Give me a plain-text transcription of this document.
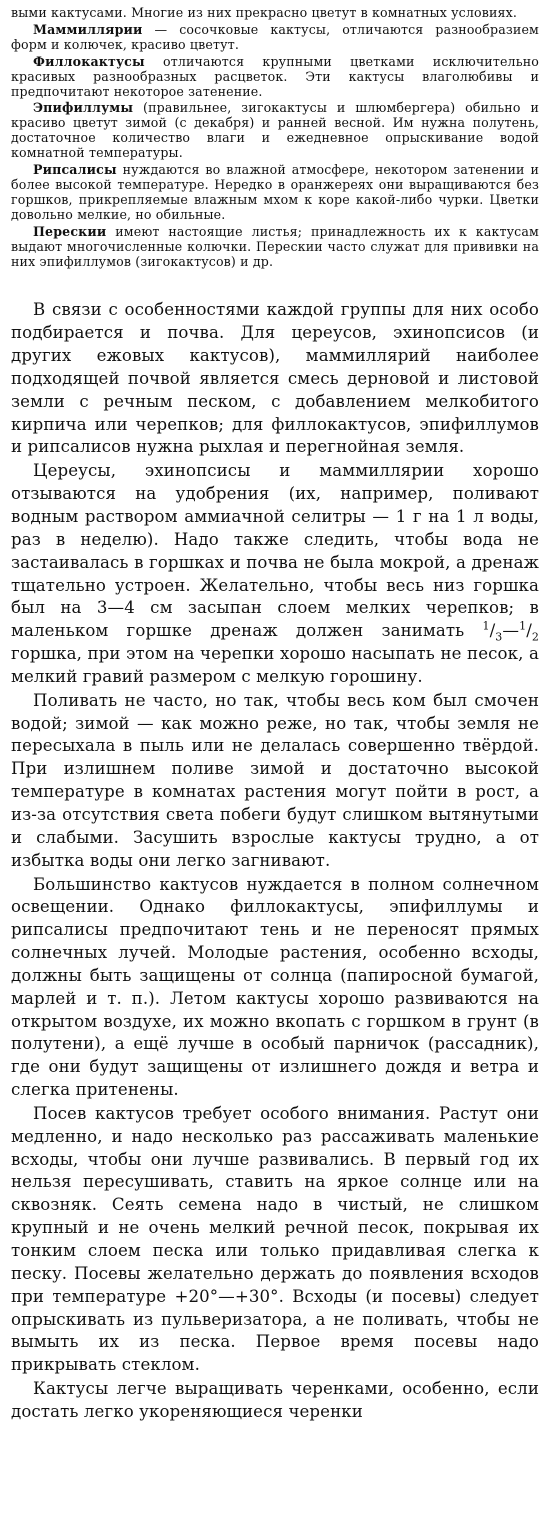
выми кактусами. Многие из них прекрасно цветут в комнатных условиях.

Маммиллярии — сосочковые кактусы, отличаются разнообразием форм и колючек, красиво цветут.

Филлокактусы отличаются крупными цветками исключительно красивых разнообразных расцветок. Эти кактусы влаголюбивы и предпочитают некоторое затенение.

Эпифиллумы (правильнее, зигокактусы и шлюмбергера) обильно и красиво цветут зимой (с декабря) и ранней весной. Им нужна полутень, достаточное количество влаги и ежедневное опрыскивание водой комнатной температуры.

Рипсалисы нуждаются во влажной атмосфере, некотором затенении и более высокой температуре. Нередко в оранжереях они выращиваются без горшков, прикрепляемые влажным мхом к коре какой-либо чурки. Цветки довольно мелкие, но обильные.

Перескии имеют настоящие листья; принадлежность их к кактусам выдают многочисленные колючки. Перескии часто служат для прививки на них эпифиллумов (зигокактусов) и др.

В связи с особенностями каждой группы для них особо подбирается и почва. Для цереусов, эхинопсисов (и других ежовых кактусов), маммиллярий наиболее подходящей почвой является смесь дерновой и листовой земли с речным песком, с добавлением мелкобитого кирпича или черепков; для филлокактусов, эпифиллумов и рипсалисов нужна рыхлая и перегнойная земля.

Цереусы, эхинопсисы и маммиллярии хорошо отзываются на удобрения (их, например, поливают водным раствором аммиачной селитры — 1 г на 1 л воды, раз в неделю). Надо также следить, чтобы вода не застаивалась в горшках и почва не была мокрой, а дренаж тщательно устроен. Желательно, чтобы весь низ горшка был на 3—4 см засыпан слоем мелких черепков; в маленьком горшке дренаж должен занимать $^1/_3—^1/_2$ горшка, при этом на черепки хорошо насыпать не песок, а мелкий гравий размером с мелкую горошину.

Поливать не часто, но так, чтобы весь ком был смочен водой; зимой — как можно реже, но так, чтобы земля не пересыхала в пыль или не делалась совершенно твёрдой. При излишнем поливе зимой и достаточно высокой температуре в комнатах растения могут пойти в рост, а из-за отсутствия света побеги будут слишком вытянутыми и слабыми. Засушить взрослые кактусы трудно, а от избытка воды они легко загнивают.

Большинство кактусов нуждается в полном солнечном освещении. Однако филлокактусы, эпифиллумы и рипсалисы предпочитают тень и не переносят прямых солнечных лучей. Молодые растения, особенно всходы, должны быть защищены от солнца (папиросной бумагой, марлей и т. п.). Летом кактусы хорошо развиваются на открытом воздухе, их можно вкопать с горшком в грунт (в полутени), а ещё лучше в особый парничок (рассадник), где они будут защищены от излишнего дождя и ветра и слегка притенены.

Посев кактусов требует особого внимания. Растут они медленно, и надо несколько раз рассаживать маленькие всходы, чтобы они лучше развивались. В первый год их нельзя пересушивать, ставить на яркое солнце или на сквозняк. Сеять семена надо в чистый, не слишком крупный и не очень мелкий речной песок, покрывая их тонким слоем песка или только придавливая слегка к песку. Посевы желательно держать до появления всходов при температуре +20°—+30°. Всходы (и посевы) следует опрыскивать из пульверизатора, а не поливать, чтобы не вымыть их из песка. Первое время посевы надо прикрывать стеклом.

Кактусы легче выращивать черенками, особенно, если достать легко укореняющиеся черенки
